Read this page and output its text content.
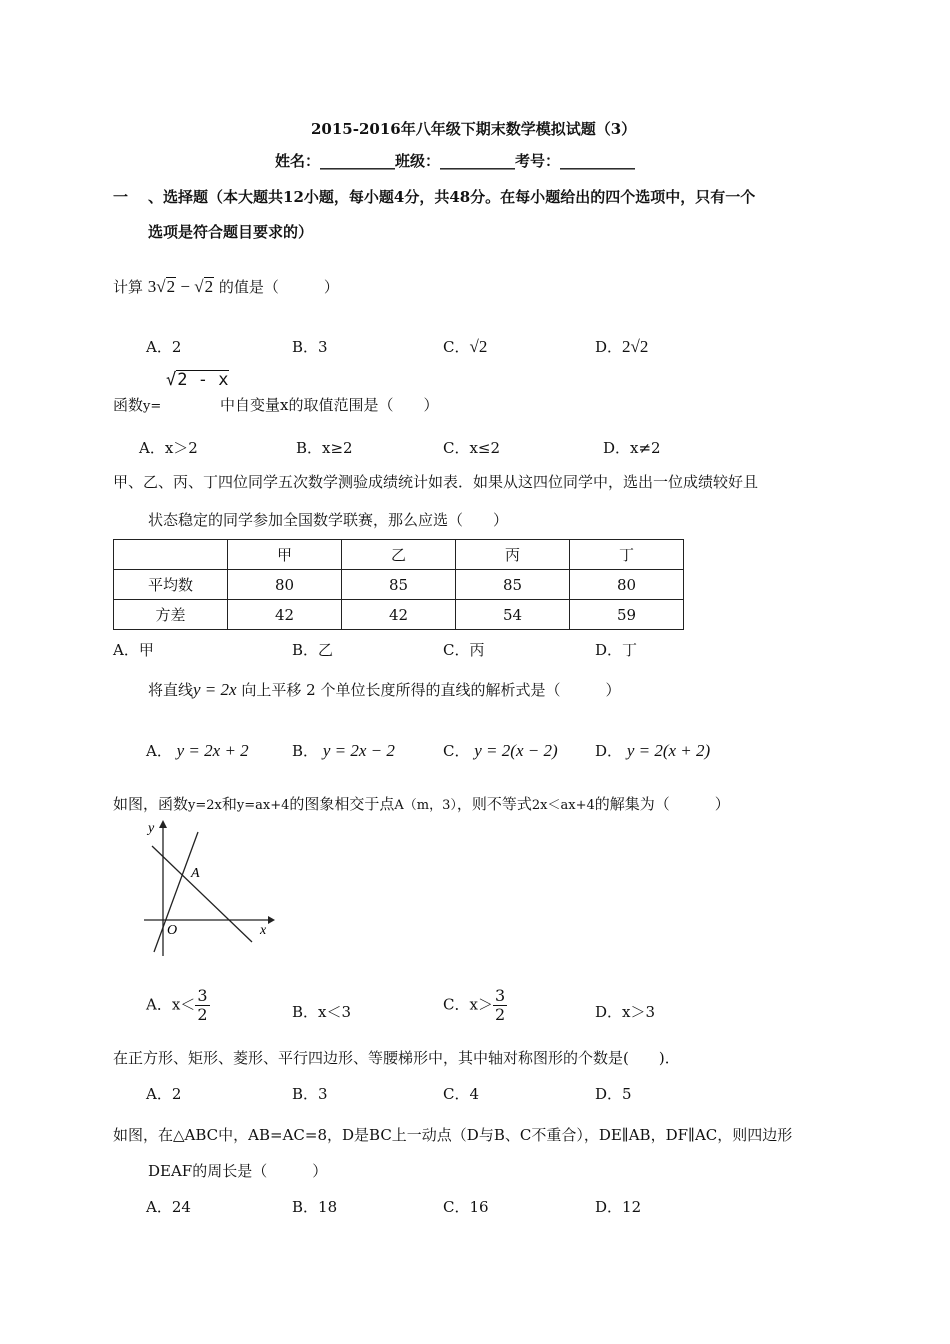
2015-2016年八年级下期末数学模拟试题（3）
姓名：__________班级：__________考号：__________
一 、选择题（本大题共12小题，每小题4分，共48分。在每小题给出的四个选项中，只有一个
选项是符合题目要求的）
计算 3√2 − √2 的值是（　　　）
A．2	B．3	C．√2	D．2√2
函数y=
√2 - x
中自变量x的取值范围是（　　）
A．x＞2	B．x≥2	C．x≤2	D．x≠2
甲、乙、丙、丁四位同学五次数学测验成绩统计如表．如果从这四位同学中，选出一位成绩较好且
状态稳定的同学参加全国数学联赛，那么应选（　　）
	甲	乙	丙	丁
平均数	80	85	85	80
方差	42	42	54	59
A．甲	B．乙	C．丙	D．丁
将直线y = 2x 向上平移 2 个单位长度所得的直线的解析式是（　　　）
A． y = 2x + 2	B． y = 2x − 2	C． y = 2(x − 2) D． y = 2(x + 2)
如图，函数y=2x和y=ax+4的图象相交于点A（m，3），则不等式2x＜ax+4的解集为（　　　）
y
x
O
A
A．$x< \frac{3}{2}$	B．x＜3	C．$x> \frac{3}{2}$	D．x＞3
在正方形、矩形、菱形、平行四边形、等腰梯形中，其中轴对称图形的个数是(　　)．
A．2	B．3	C．4	D．5
如图，在△ABC中，AB=AC=8，D是BC上一动点（D与B、C不重合），DE∥AB，DF∥AC，则四边形
DEAF的周长是（　　　）
A．24	B．18	C．16	D．12
